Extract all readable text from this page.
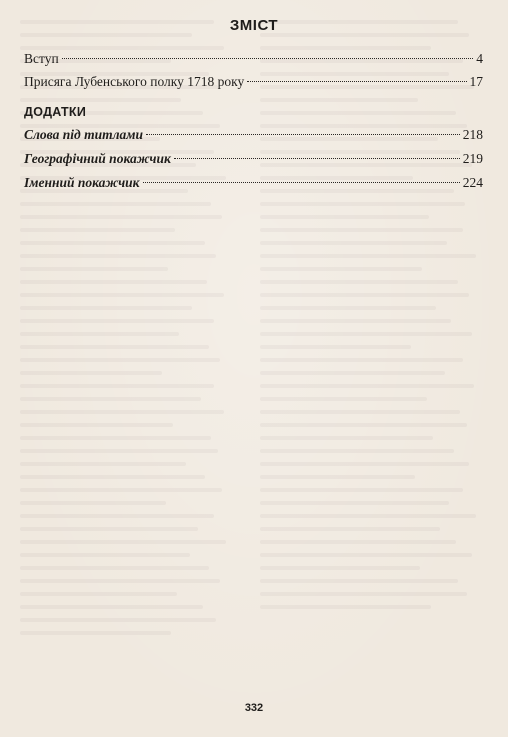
ЗМІСТ
Вступ	4
Присяга Лубенського полку 1718 року	17
ДОДАТКИ
Слова під титлами	218
Географічний покажчик	219
Іменний покажчик	224
332
